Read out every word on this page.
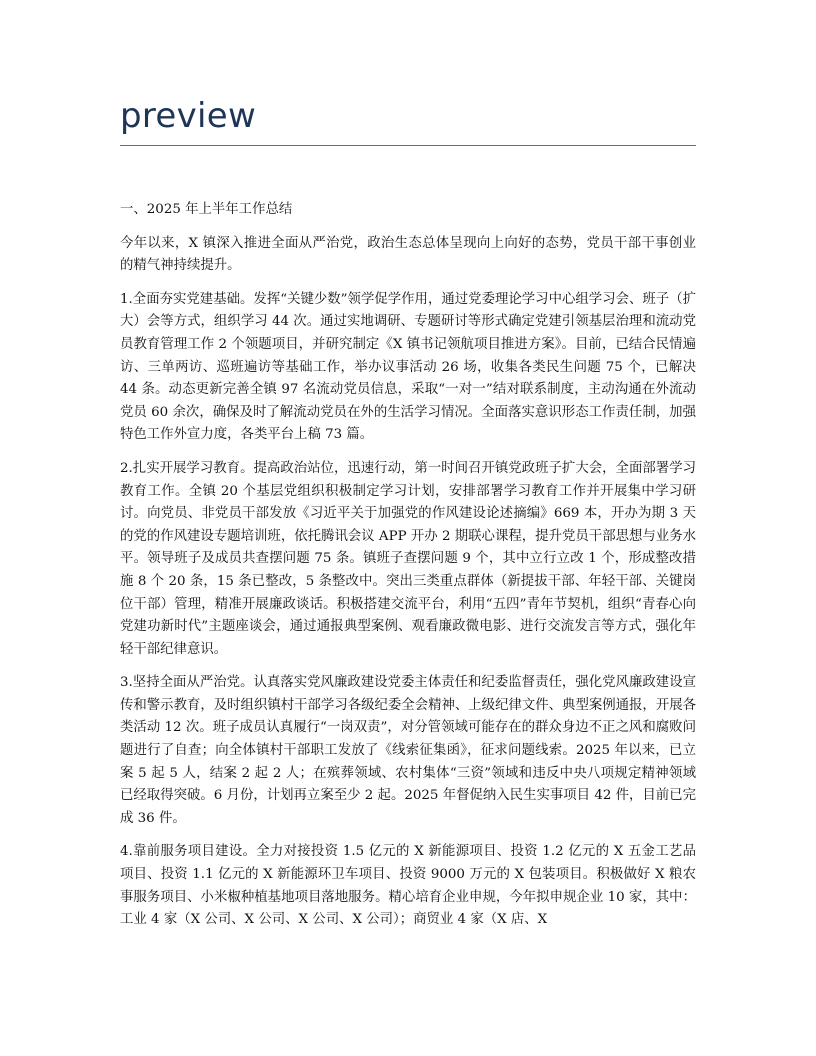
preview
一、2025 年上半年工作总结

今年以来，X 镇深入推进全面从严治党，政治生态总体呈现向上向好的态势，党员干部干事创业的精气神持续提升。

1.全面夯实党建基础。发挥“关键少数”领学促学作用，通过党委理论学习中心组学习会、班子（扩大）会等方式，组织学习 44 次。通过实地调研、专题研讨等形式确定党建引领基层治理和流动党员教育管理工作 2 个领题项目，并研究制定《X 镇书记领航项目推进方案》。目前，已结合民情遍访、三单两访、巡班遍访等基础工作，举办议事活动 26 场，收集各类民生问题 75 个，已解决 44 条。动态更新完善全镇 97 名流动党员信息，采取“一对一”结对联系制度，主动沟通在外流动党员 60 余次，确保及时了解流动党员在外的生活学习情况。全面落实意识形态工作责任制，加强特色工作外宣力度，各类平台上稿 73 篇。

2.扎实开展学习教育。提高政治站位，迅速行动，第一时间召开镇党政班子扩大会，全面部署学习教育工作。全镇 20 个基层党组织积极制定学习计划，安排部署学习教育工作并开展集中学习研讨。向党员、非党员干部发放《习近平关于加强党的作风建设论述摘编》669 本，开办为期 3 天的党的作风建设专题培训班，依托腾讯会议 APP 开办 2 期联心课程，提升党员干部思想与业务水平。领导班子及成员共查摆问题 75 条。镇班子查摆问题 9 个，其中立行立改 1 个，形成整改措施 8 个 20 条，15 条已整改，5 条整改中。突出三类重点群体（新提拔干部、年轻干部、关键岗位干部）管理，精准开展廉政谈话。积极搭建交流平台，利用“五四”青年节契机，组织“青春心向党建功新时代”主题座谈会，通过通报典型案例、观看廉政微电影、进行交流发言等方式，强化年轻干部纪律意识。

3.坚持全面从严治党。认真落实党风廉政建设党委主体责任和纪委监督责任，强化党风廉政建设宣传和警示教育，及时组织镇村干部学习各级纪委全会精神、上级纪律文件、典型案例通报，开展各类活动 12 次。班子成员认真履行“一岗双责”，对分管领域可能存在的群众身边不正之风和腐败问题进行了自查；向全体镇村干部职工发放了《线索征集函》，征求问题线索。2025 年以来，已立案 5 起 5 人，结案 2 起 2 人；在殡葬领域、农村集体“三资”领域和违反中央八项规定精神领域已经取得突破。6 月份，计划再立案至少 2 起。2025 年督促纳入民生实事项目 42 件，目前已完成 36 件。

4.靠前服务项目建设。全力对接投资 1.5 亿元的 X 新能源项目、投资 1.2 亿元的 X 五金工艺品项目、投资 1.1 亿元的 X 新能源环卫车项目、投资 9000 万元的 X 包装项目。积极做好 X 粮农事服务项目、小米椒种植基地项目落地服务。精心培育企业申规，今年拟申规企业 10 家，其中：工业 4 家（X 公司、X 公司、X 公司、X 公司）；商贸业 4 家（X 店、X
